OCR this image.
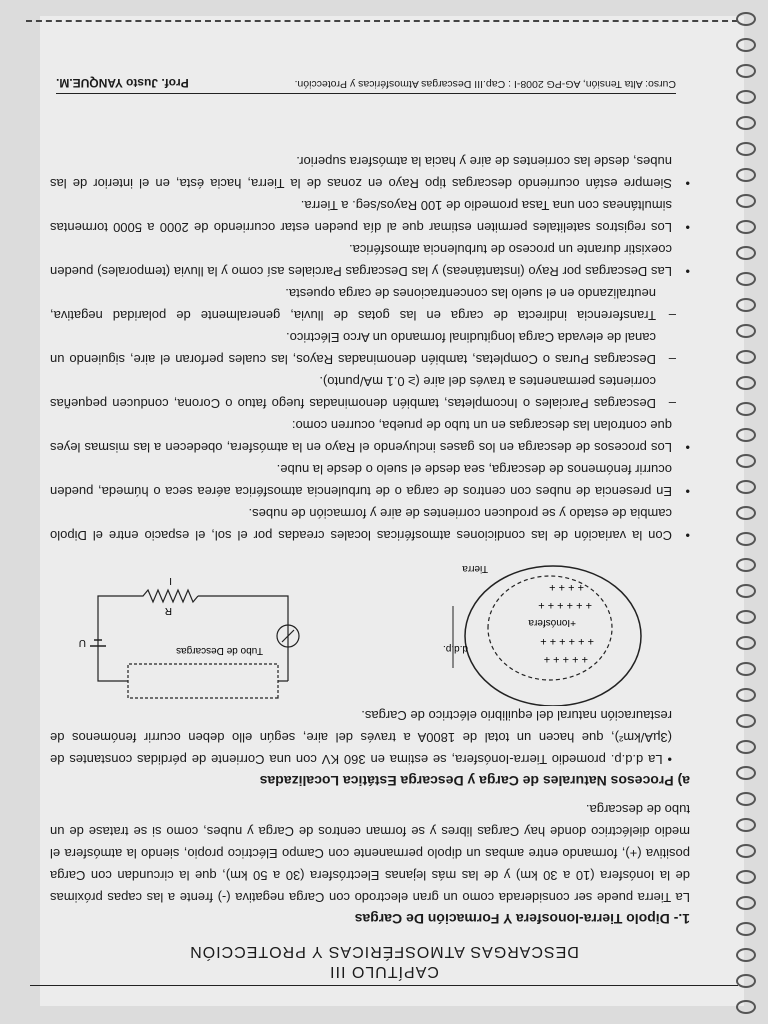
CAPÍTULO III
DESCARGAS ATMOSFÉRICAS Y PROTECCIÓN
1.- Dipolo Tierra-Ionosfera Y Formación De Cargas

La Tierra puede ser considerada como un gran electrodo con Carga negativa (-) frente a las capas próximas de la Ionósfera (10 a 30 km) y de las más lejanas Electrósfera (30 a 50 km), que la circundan con Carga positiva (+), formando entre ambas un dipolo permanente con Campo Eléctrico propio, siendo la atmósfera el medio dieléctrico donde hay Cargas libres y se forman centros de Carga y nubes, como si se tratase de un tubo de descarga.

a) Procesos Naturales de Carga y Descarga Estática Localizadas

• La d.d.p. promedio Tierra-Ionósfera, se estima en 360 KV con una Corriente de pérdidas constantes de (3µA/km²), que hacen un total de 1800A a través del aire, según ello deben ocurrir fenómenos de restauración natural del equilibrio eléctrico de Cargas.

+ + + + +
+ + + + + +
+ + + + + +
+ + + +
+Ionósfera
d.d.p.
Tierra
Tubo de Descargas
R
I
U

• Con la variación de las condiciones atmosféricas locales creadas por el sol, el espacio entre el Dipolo cambia de estado y se producen corrientes de aire y formación de nubes.

• En presencia de nubes con centros de carga o de turbulencia atmosférica aérea seca o húmeda, pueden ocurrir fenómenos de descarga, sea desde el suelo o desde la nube.

• Los procesos de descarga en los gases incluyendo el Rayo en la atmósfera, obedecen a las mismas leyes que controlan las descargas en un tubo de prueba, ocurren como:

– Descargas Parciales o Incompletas, también denominadas fuego fatuo o Corona, conducen pequeñas corrientes permanentes a través del aire (≥ 0.1 mA/punto).

– Descargas Puras o Completas, también denominadas Rayos, las cuales perforan el aire, siguiendo un canal de elevada Carga longitudinal formando un Arco Eléctrico.

– Transferencia indirecta de carga en las gotas de lluvia, generalmente de polaridad negativa, neutralizando en el suelo las concentraciones de carga opuesta.

• Las Descargas por Rayo (instantáneas) y las Descargas Parciales así como y la lluvia (temporales) pueden coexistir durante un proceso de turbulencia atmosférica.

• Los registros satelitales permiten estimar que al día pueden estar ocurriendo de 2000 a 5000 tormentas simultáneas con una Tasa promedio de 100 Rayos/seg. a Tierra.

• Siempre están ocurriendo descargas tipo Rayo en zonas de la Tierra, hacia ésta, en el interior de las nubes, desde las corrientes de aire y hacia la atmósfera superior.

Curso: Alta Tensión, AG-PG 2008-I : Cap.III Descargas Atmosféricas y Protección.
Prof. Justo YANQUE.M.
